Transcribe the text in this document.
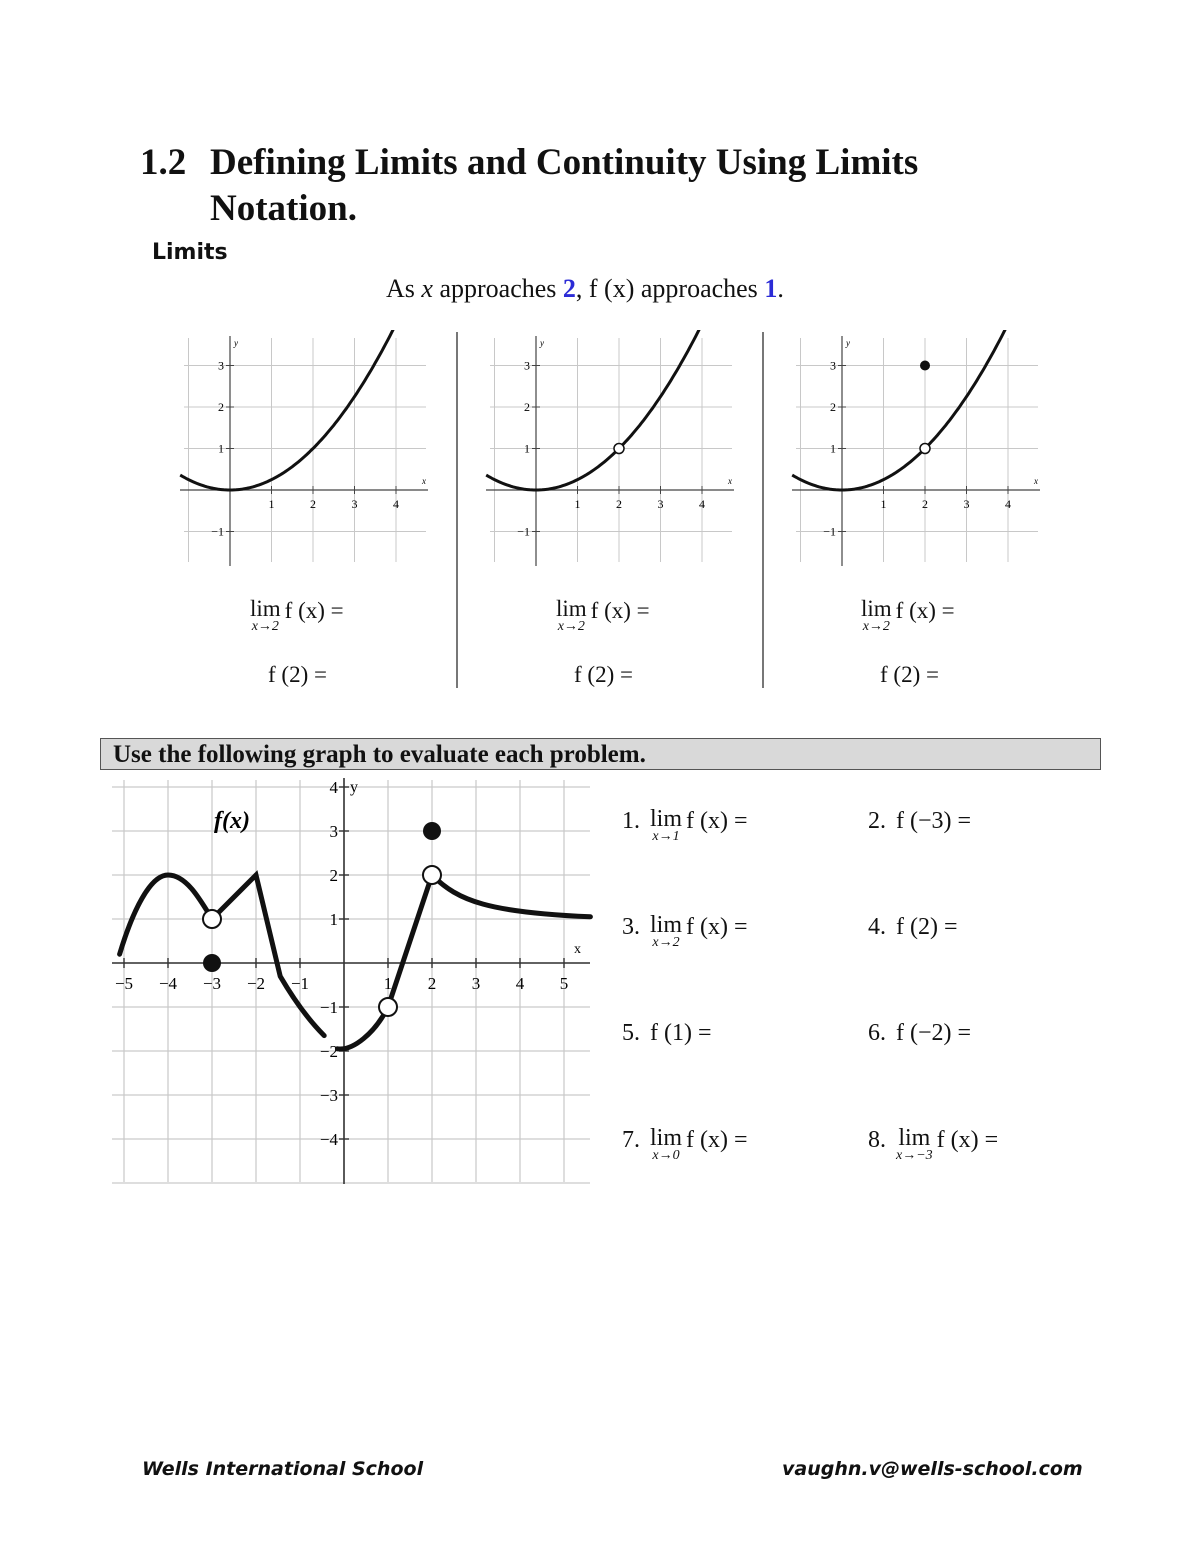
1.2 Defining Limits and Continuity Using Limits Notation.
Limits
As x approaches 2, f (x) approaches 1.
x
y
1	2	3	4
3
2
1
−1
x
y
1	2	3	4
3
2
1
−1
x
y
1	2	3	4
3
2
1
−1
lim
x→2
f (x) =
f (2) =
lim
x→2
f (x) =
f (2) =
lim
x→2
f (x) =
f (2) =
Use the following graph to evaluate each problem.
x
y
f(x)
−5 −4 −3 −2 −1	1 2 3 4 5
4
3
2
1
−1
−2
−3
−4
1. lim
x→1
f (x) =	2. f (−3) =
3. lim
x→2
f (x) =	4. f (2) =
5. f (1) =	6. f (−2) =
7. lim
x→0
f (x) =	8. lim
x→−3
f (x) =
Wells International School	vaughn.v@wells-school.com
